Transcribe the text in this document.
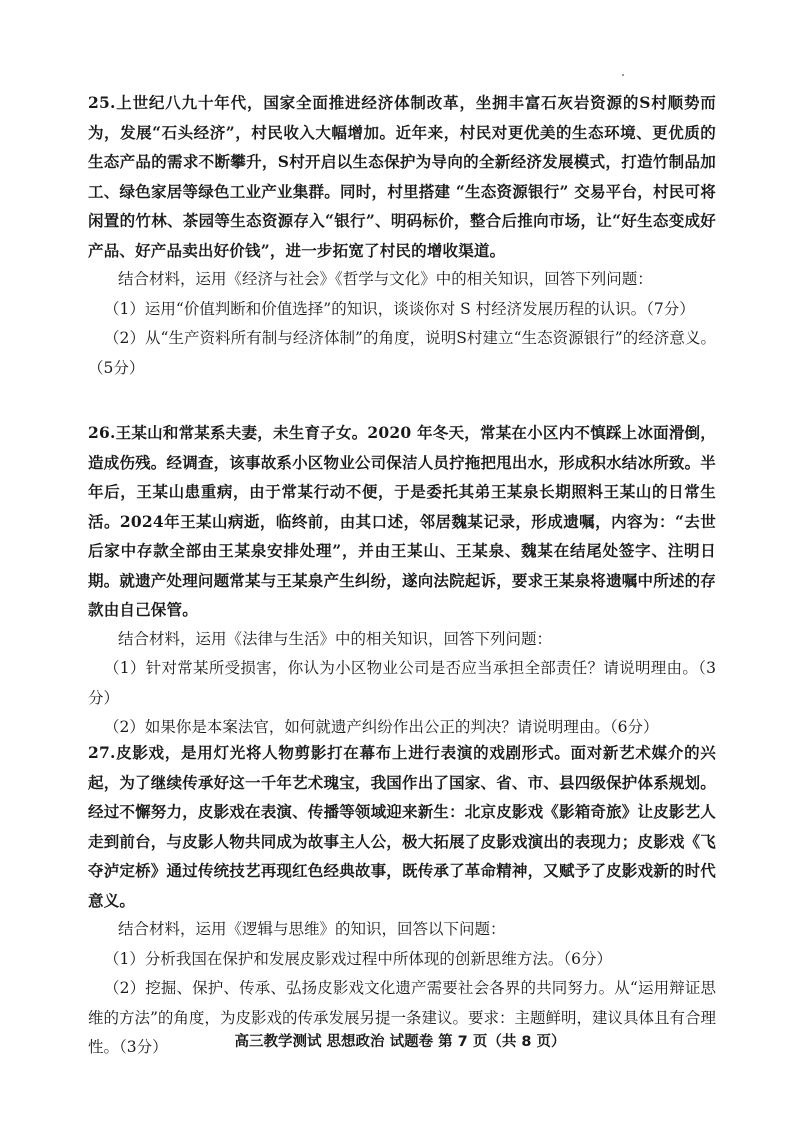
25.上世纪八九十年代，国家全面推进经济体制改革，坐拥丰富石灰岩资源的S村顺势而为，发展“石头经济”，村民收入大幅增加。近年来，村民对更优美的生态环境、更优质的生态产品的需求不断攀升，S村开启以生态保护为导向的全新经济发展模式，打造竹制品加工、绿色家居等绿色工业产业集群。同时，村里搭建 “生态资源银行” 交易平台，村民可将闲置的竹林、茶园等生态资源存入“银行”、明码标价，整合后推向市场，让“好生态变成好产品、好产品卖出好价钱”，进一步拓宽了村民的增收渠道。

结合材料，运用《经济与社会》《哲学与文化》中的相关知识，回答下列问题：

（1）运用“价值判断和价值选择”的知识，谈谈你对 S 村经济发展历程的认识。（7分）

（2）从“生产资料所有制与经济体制”的角度，说明S村建立“生态资源银行”的经济意义。（5分）

26.王某山和常某系夫妻，未生育子女。2020 年冬天，常某在小区内不慎踩上冰面滑倒，造成伤残。经调查，该事故系小区物业公司保洁人员拧拖把甩出水，形成积水结冰所致。半年后，王某山患重病，由于常某行动不便，于是委托其弟王某泉长期照料王某山的日常生活。2024年王某山病逝，临终前，由其口述，邻居魏某记录，形成遗嘱，内容为：“去世后家中存款全部由王某泉安排处理”，并由王某山、王某泉、魏某在结尾处签字、注明日期。就遗产处理问题常某与王某泉产生纠纷，遂向法院起诉，要求王某泉将遗嘱中所述的存款由自己保管。

结合材料，运用《法律与生活》中的相关知识，回答下列问题：

（1）针对常某所受损害，你认为小区物业公司是否应当承担全部责任？请说明理由。（3分）

（2）如果你是本案法官，如何就遗产纠纷作出公正的判决？请说明理由。（6分）

27.皮影戏，是用灯光将人物剪影打在幕布上进行表演的戏剧形式。面对新艺术媒介的兴起，为了继续传承好这一千年艺术瑰宝，我国作出了国家、省、市、县四级保护体系规划。经过不懈努力，皮影戏在表演、传播等领域迎来新生：北京皮影戏《影箱奇旅》让皮影艺人走到前台，与皮影人物共同成为故事主人公，极大拓展了皮影戏演出的表现力；皮影戏《飞夺泸定桥》通过传统技艺再现红色经典故事，既传承了革命精神，又赋予了皮影戏新的时代意义。

结合材料，运用《逻辑与思维》的知识，回答以下问题：

（1）分析我国在保护和发展皮影戏过程中所体现的创新思维方法。（6分）

（2）挖掘、保护、传承、弘扬皮影戏文化遗产需要社会各界的共同努力。从“运用辩证思维的方法”的角度，为皮影戏的传承发展另提一条建议。要求：主题鲜明，建议具体且有合理性。（3分）	高三教学测试 思想政治 试题卷 第 7 页（共 8 页）
